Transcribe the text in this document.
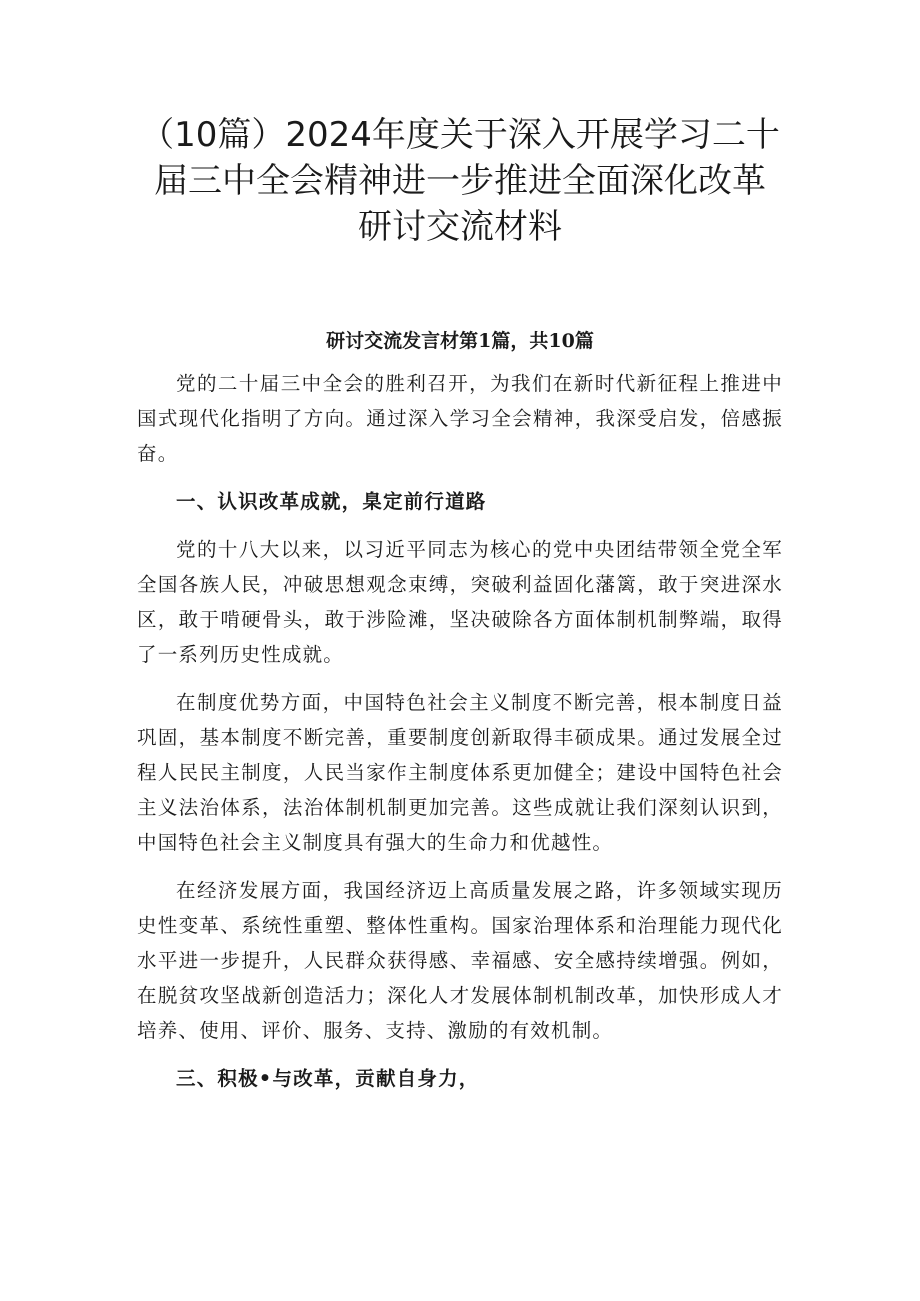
（10篇）2024年度关于深入开展学习二十
届三中全会精神进一步推进全面深化改革
研讨交流材料
研讨交流发言材第1篇，共10篇

党的二十届三中全会的胜利召开，为我们在新时代新征程上推进中国式现代化指明了方向。通过深入学习全会精神，我深受启发，倍感振奋。

一、认识改革成就，臬定前行道路

党的十八大以来，以习近平同志为核心的党中央团结带领全党全军全国各族人民，冲破思想观念束缚，突破利益固化藩篱，敢于突进深水区，敢于啃硬骨头，敢于涉险滩，坚决破除各方面体制机制弊端，取得了一系列历史性成就。

在制度优势方面，中国特色社会主义制度不断完善，根本制度日益巩固，基本制度不断完善，重要制度创新取得丰硕成果。通过发展全过程人民民主制度，人民当家作主制度体系更加健全；建设中国特色社会主义法治体系，法治体制机制更加完善。这些成就让我们深刻认识到，中国特色社会主义制度具有强大的生命力和优越性。

在经济发展方面，我国经济迈上高质量发展之路，许多领域实现历史性变革、系统性重塑、整体性重构。国家治理体系和治理能力现代化水平进一步提升，人民群众获得感、幸福感、安全感持续增强。例如，在脱贫攻坚战新创造活力；深化人才发展体制机制改革，加快形成人才培养、使用、评价、服务、支持、激励的有效机制。

三、积极•与改革，贡献自身力，
